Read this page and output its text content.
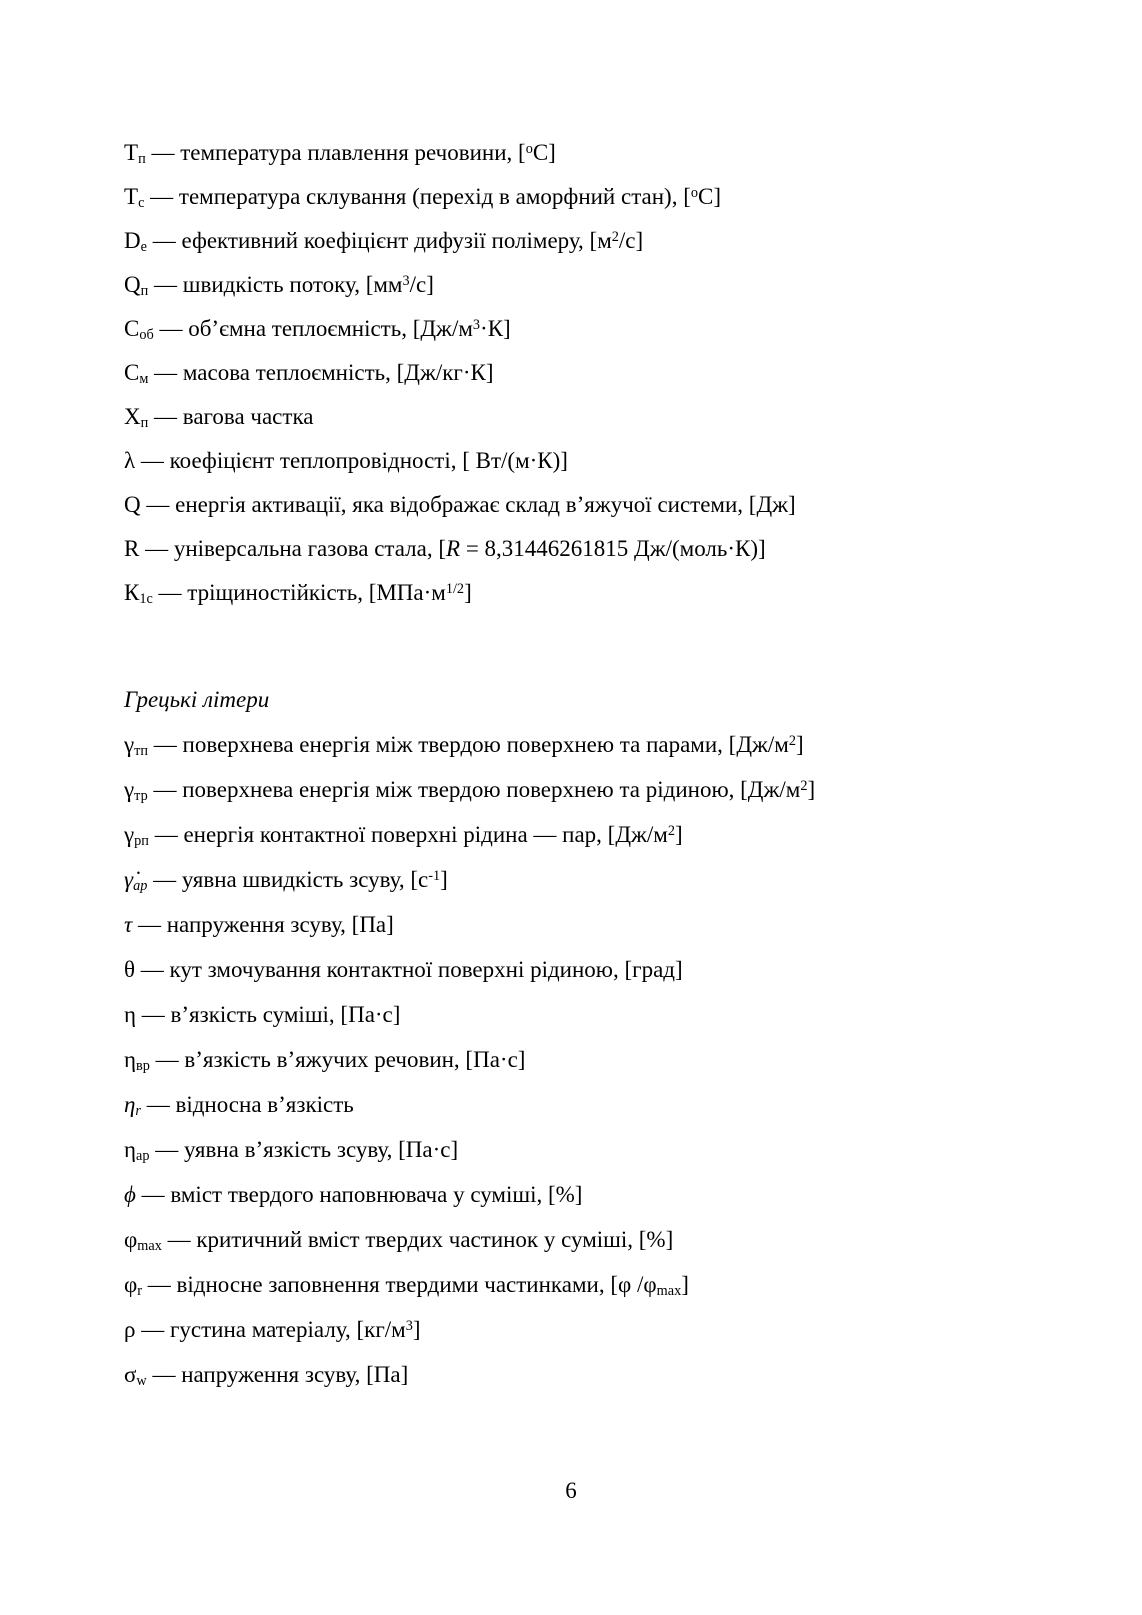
$Т_п$ — температура плавлення речовини, [$^о$С]
$Т_с$ — температура склування (перехід в аморфний стан), [$^о$С]
$D_е$ — ефективний коефіцієнт дифузії полімеру, $[м^2/с]$
$Q_п$ — швидкість потоку, $[мм^3/с]$
$С_{об}$ — об’ємна теплоємність, $[Дж/м^3\cdot К]$
$С_м$ — масова теплоємність, [Дж/кг·К]
$Х_п$ — вагова частка
λ — коефіцієнт теплопровідності, [ Вт/(м·К)]
Q — енергія активації, яка відображає склад в’яжучої системи, [Дж]
R — універсальна газова стала, [R = 8,31446261815 Дж/(моль·К)]
$К_{1с}$ — тріщиностійкість, $[МПа\cdot м^{1/2}]$
Грецькі літери
$\gamma_{тп}$ — поверхнева енергія між твердою поверхнею та парами, $[Дж/м^2]$
$\gamma_{тр}$ — поверхнева енергія між твердою поверхнею та рідиною, $[Дж/м^2]$
$\gamma_{рп}$ — енергія контактної поверхні рідина — пар, $[Дж/м^2]$
$\gammȧ_{ар}$ — уявна швидкість зсуву, $[с^{-1}]$
τ — напруження зсуву, [Па]
θ — кут змочування контактної поверхні рідиною, [град]
η — в’язкість суміші, [Па·с]
$\eta_{вр}$ — в’язкість в’яжучих речовин, [Па·с]
$\eta_r$ — відносна в’язкість
$\eta_{ар}$ — уявна в’язкість зсуву, [Па·с]
ϕ — вміст твердого наповнювача у суміші, [%]
$\varphi_{max}$ — критичний вміст твердих частинок у суміші, [%]
$\varphi_r$ — відносне заповнення твердими частинками, [φ $/\varphi_{max}$]
ρ — густина матеріалу, $[кг/м^3]$
$\sigma_w$ — напруження зсуву, [Па]
6
